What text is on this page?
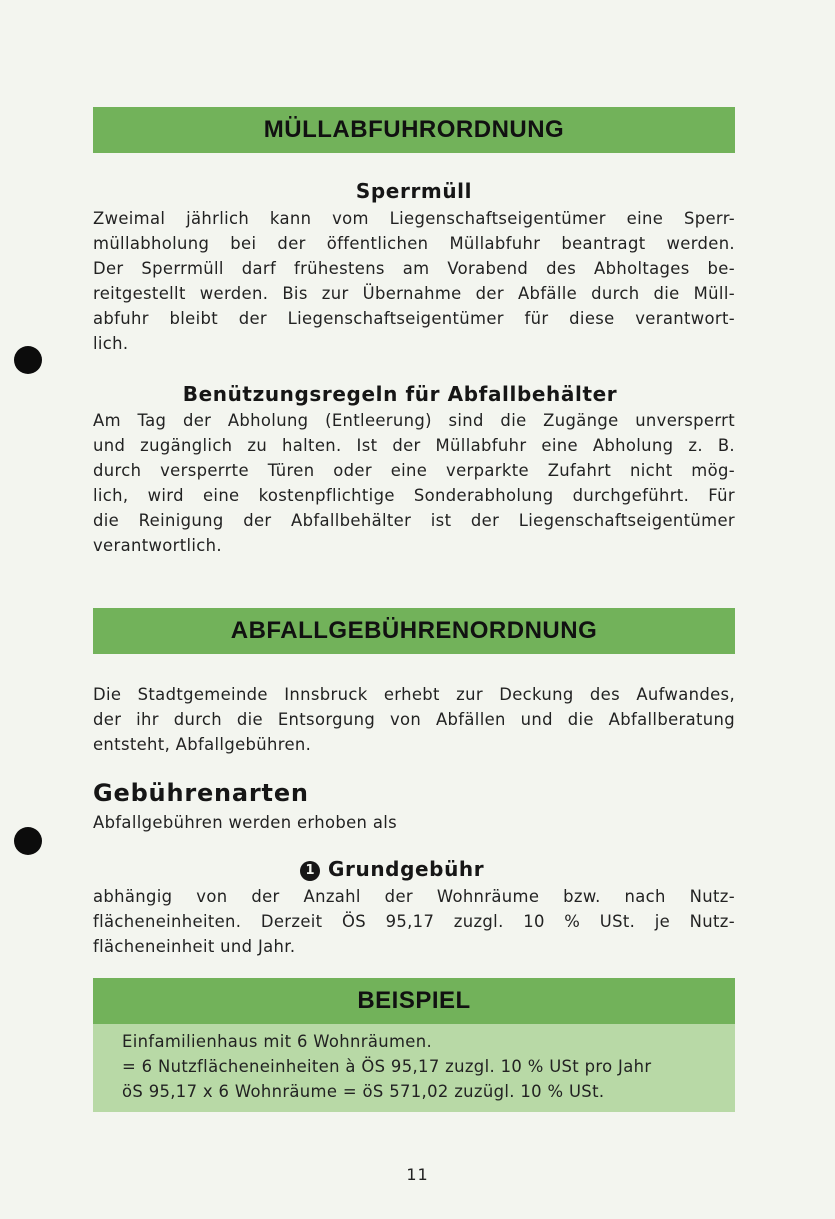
MÜLLABFUHRORDNUNG
Sperrmüll
Zweimal jährlich kann vom Liegenschaftseigentümer eine Sperr-
müllabholung bei der öffentlichen Müllabfuhr beantragt werden.
Der Sperrmüll darf frühestens am Vorabend des Abholtages be-
reitgestellt werden. Bis zur Übernahme der Abfälle durch die Müll-
abfuhr bleibt der Liegenschaftseigentümer für diese verantwort-
lich.
Benützungsregeln für Abfallbehälter
Am Tag der Abholung (Entleerung) sind die Zugänge unversperrt
und zugänglich zu halten. Ist der Müllabfuhr eine Abholung z. B.
durch versperrte Türen oder eine verparkte Zufahrt nicht mög-
lich, wird eine kostenpflichtige Sonderabholung durchgeführt. Für
die Reinigung der Abfallbehälter ist der Liegenschaftseigentümer
verantwortlich.
ABFALLGEBÜHRENORDNUNG
Die Stadtgemeinde Innsbruck erhebt zur Deckung des Aufwandes,
der ihr durch die Entsorgung von Abfällen und die Abfallberatung
entsteht, Abfallgebühren.
Gebührenarten
Abfallgebühren werden erhoben als
1 Grundgebühr
abhängig von der Anzahl der Wohnräume bzw. nach Nutz-
flächeneinheiten. Derzeit ÖS 95,17 zuzgl. 10 % USt. je Nutz-
flächeneinheit und Jahr.
BEISPIEL
Einfamilienhaus mit 6 Wohnräumen.
= 6 Nutzflächeneinheiten à ÖS 95,17 zuzgl. 10 % USt pro Jahr
öS 95,17 x 6 Wohnräume = öS 571,02 zuzügl. 10 % USt.
11
